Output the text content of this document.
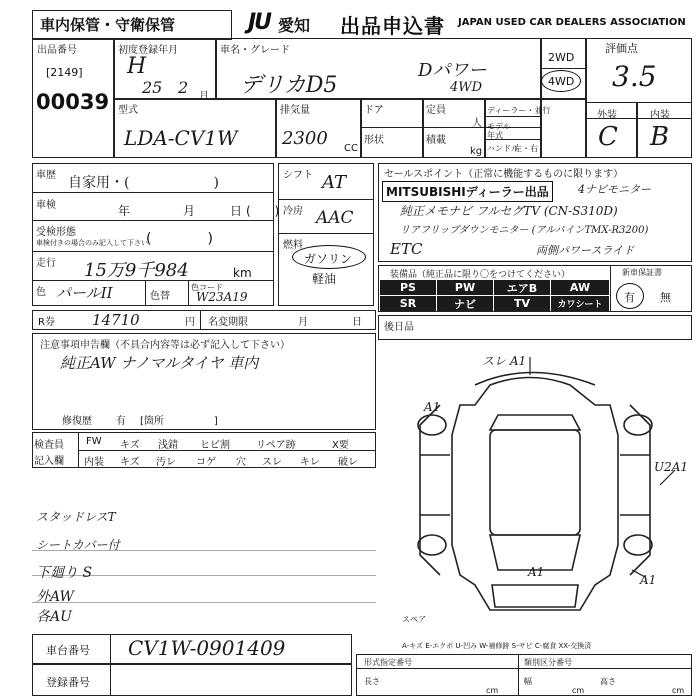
車内保管・守衛保管	JU 愛知 出品申込書 JAPAN USED CAR DEALERS ASSOCIATION
出品番号
[2149]
00039
初度登録年月
H
25 2 月
車名・グレード
デリカD5
Dパワー
4WD
2WD
4WD
評価点
3.5
外装	内装
C B
型式
LDA-CV1W
排気量
2300 CC
ドア	定員
人
形状	積載
kg
ディーラー・並行
モデル年式
ハンドル
左・右
車歴 自家用・(　　　　　　)
車検	年	月	日 (　　)
受検形態
車検付きの場合のみ記入して下さい
(　　　　)
走行 15万9千984	km
色 パールII	色替
色コード
W23A19
シフト AT
冷房 AAC
燃料
ガソリン
軽油
セールスポイント（正常に機能するものに限ります）
MITSUBISHIディーラー出品	4ナビモニター
純正メモナビ フルセグTV (CN-S310D)
リアフリップダウンモニター (アルパインTMX-R3200)
ETC	両側パワースライド
装備品（純正品に限り〇をつけてください）	新車保証書
有 無
PS	PW	エアB	AW
SR	ナビ	TV	カワシート
R券 14710	円 名変期限	月	日
注意事項申告欄（不具合内容等は必ず記入して下さい）
純正AW ナノマルタイヤ 車内
修復歴 有 [箇所　　　　　]
後日品
検査員
記入欄
FW キズ 浅錆 ヒビ割	リペア跡	X要
内装 キズ 汚レ コゲ 穴 スレ キレ 破レ
スタッドレスT
シートカバー付
下廻り S
外AW
各AU
スレ A1
A1
U2A1
A1
A1
スペア
A-キズ E-エクボ U-凹み W-補修跡 S-サビ C-腐食 XX-交換済
車台番号 CV1W-0901409
登録番号
形式指定番号	類別区分番号
長さ
cm
幅
cm
高さ
cm
